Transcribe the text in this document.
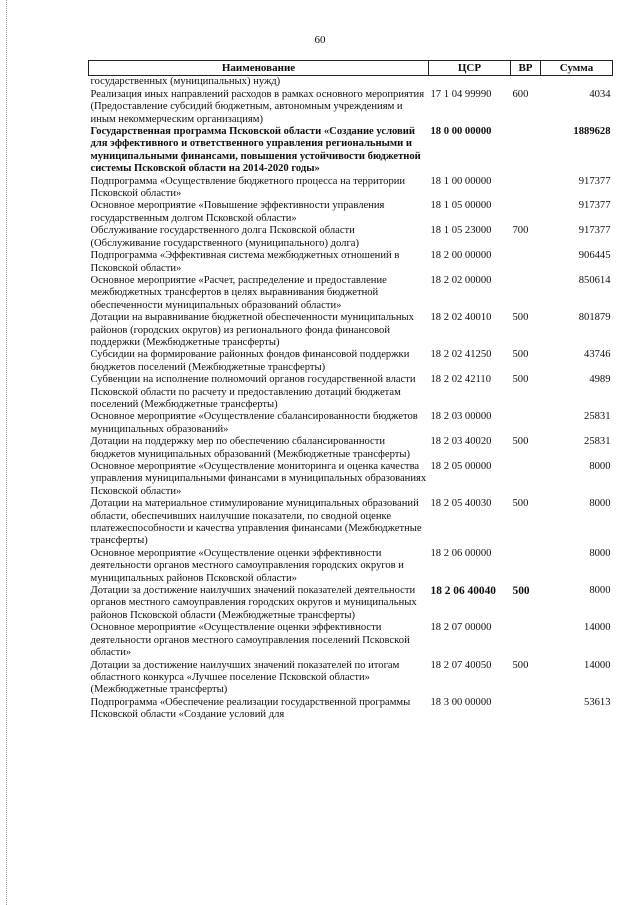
60
Наименование	ЦСР	ВР	Сумма
государственных (муниципальных) нужд)			
Реализация иных направлений расходов в рамках основного мероприятия (Предоставление субсидий бюджетным, автономным учреждениям и иным некоммерческим организациям)	17 1 04 99990	600	4034
Государственная программа Псковской области «Создание условий для эффективного и ответственного управления региональными и муниципальными финансами, повышения устойчивости бюджетной системы Псковской области на 2014-2020 годы»	18 0 00 00000		1889628
Подпрограмма «Осуществление бюджетного процесса на территории Псковской области»	18 1 00 00000		917377
Основное мероприятие «Повышение эффективности управления государственным долгом Псковской области»	18 1 05 00000		917377
Обслуживание государственного долга Псковской области (Обслуживание государственного (муниципального) долга)	18 1 05 23000	700	917377
Подпрограмма «Эффективная система межбюджетных отношений в Псковской области»	18 2 00 00000		906445
Основное мероприятие «Расчет, распределение и предоставление межбюджетных трансфертов в целях выравнивания бюджетной обеспеченности муниципальных образований области»	18 2 02 00000		850614
Дотации на выравнивание бюджетной обеспеченности муниципальных районов (городских округов) из регионального фонда финансовой поддержки (Межбюджетные трансферты)	18 2 02 40010	500	801879
Субсидии на формирование районных фондов финансовой поддержки бюджетов поселений (Межбюджетные трансферты)	18 2 02 41250	500	43746
Субвенции на исполнение полномочий органов государственной власти Псковской области по расчету и предоставлению дотаций бюджетам поселений (Межбюджетные трансферты)	18 2 02 42110	500	4989
Основное мероприятие «Осуществление сбалансированности бюджетов муниципальных образований»	18 2 03 00000		25831
Дотации на поддержку мер по обеспечению сбалансированности бюджетов муниципальных образований (Межбюджетные трансферты)	18 2 03 40020	500	25831
Основное мероприятие «Осуществление мониторинга и оценка качества управления муниципальными финансами в муниципальных образованиях Псковской области»	18 2 05 00000		8000
Дотации на материальное стимулирование муниципальных образований области, обеспечивших наилучшие показатели, по сводной оценке платежеспособности и качества управления финансами (Межбюджетные трансферты)	18 2 05 40030	500	8000
Основное мероприятие «Осуществление оценки эффективности деятельности органов местного самоуправления городских округов и муниципальных районов Псковской области»	18 2 06 00000		8000
Дотации за достижение наилучших значений показателей деятельности органов местного самоуправления городских округов и муниципальных районов Псковской области (Межбюджетные трансферты)	18 2 06 40040	500	8000
Основное мероприятие «Осуществление оценки эффективности деятельности органов местного самоуправления поселений Псковской области»	18 2 07 00000		14000
Дотации за достижение наилучших значений показателей по итогам областного конкурса «Лучшее поселение Псковской области» (Межбюджетные трансферты)	18 2 07 40050	500	14000
Подпрограмма «Обеспечение реализации государственной программы Псковской области «Создание условий для	18 3 00 00000		53613
